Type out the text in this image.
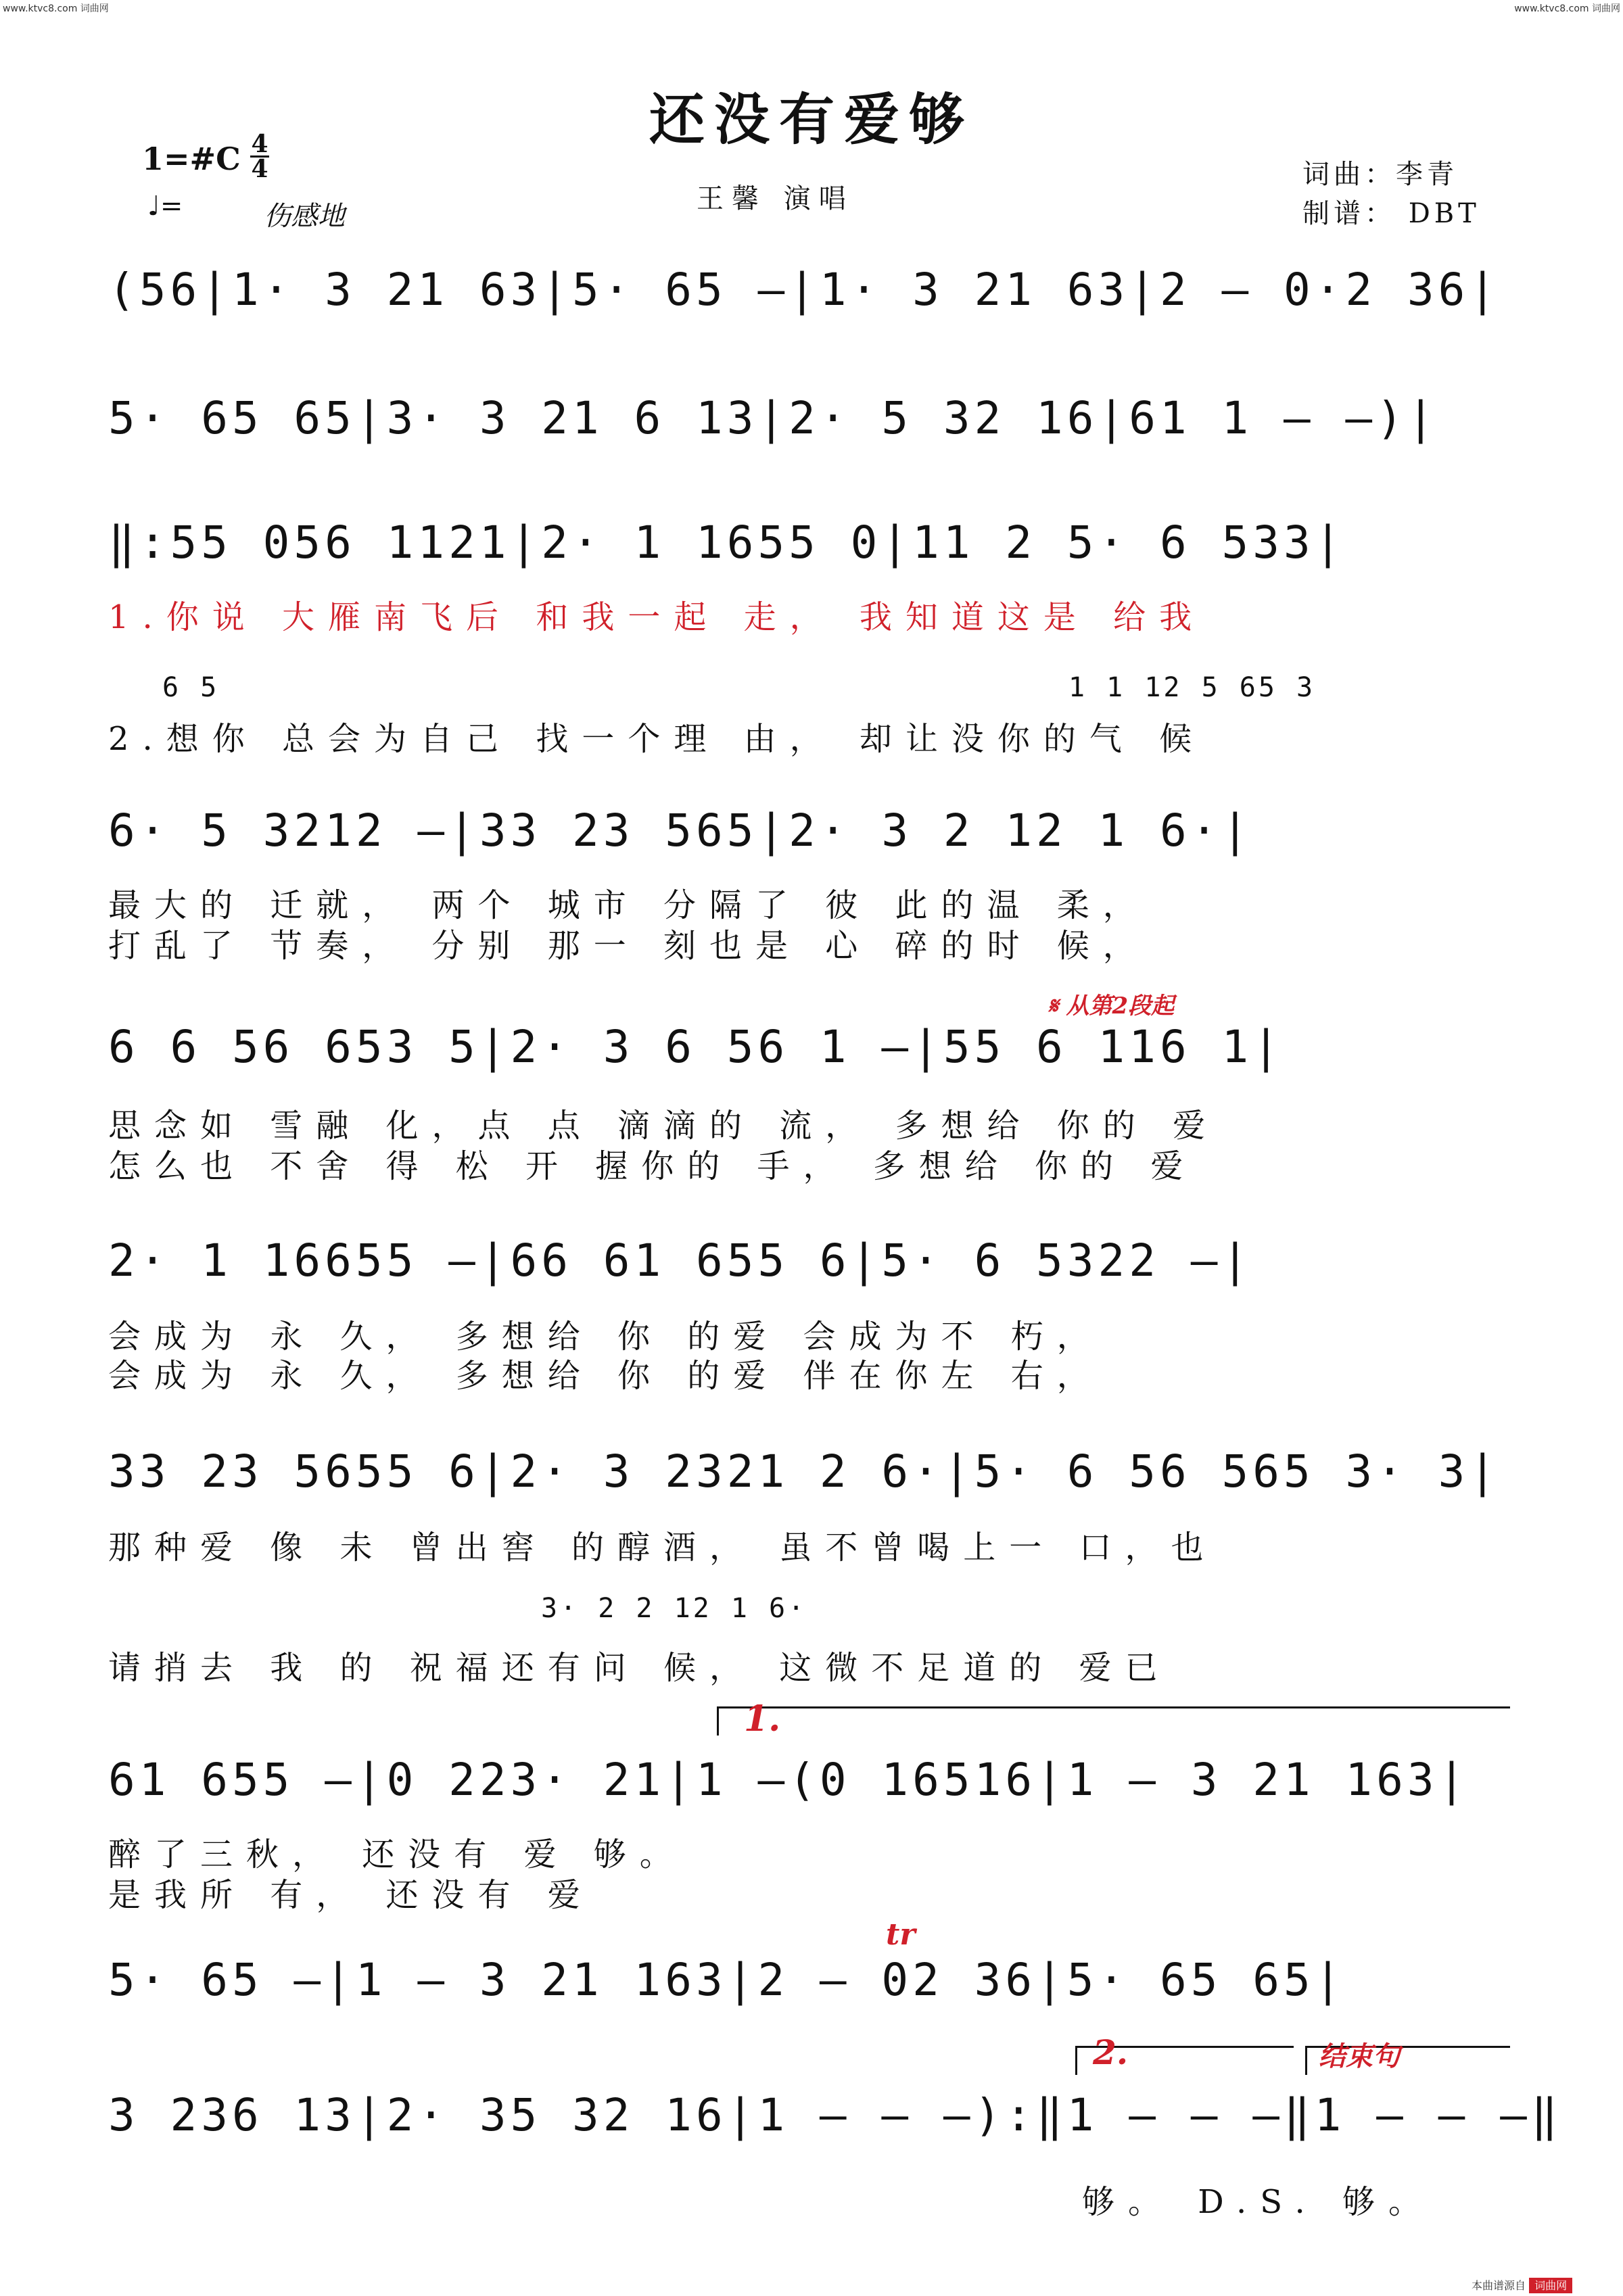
www.ktvc8.com 词曲网	www.ktvc8.com 词曲网
还没有爱够
1=#C 4
4
♩=	伤感地
王馨 演唱
词曲：李青
制谱： DBT
(56|1· 3 21 63|5· 65 —|1· 3 21 63|2 — 0·2 36|
5· 65 65|3· 3 21 6 13|2· 5 32 16|61 1 — —)|
‖:55 056 1121|2· 1 1655 0|11 2 5· 6 533|
1.你说 大雁南飞后 和我一起 走， 我知道这是 给我
6 5	1 1 12 5 65 3
2.想你 总会为自己 找一个理 由， 却让没你的气 候
6· 5 3212 —|33 23 565|2· 3 2 12 1 6·|
最大的 迁就， 两个 城市 分隔了 彼 此的温 柔，
打乱了 节奏， 分别 那一 刻也是 心 碎的时 候，
𝄋 从第2段起
6 6 56 653 5|2· 3 6 56 1 —|55 6 116 1|
思念如 雪融 化，点 点 滴滴的 流， 多想给 你的 爱
怎么也 不舍 得 松 开 握你的 手， 多想给 你的 爱
2· 1 16655 —|66 61 655 6|5· 6 5322 —|
会成为 永 久， 多想给 你 的爱 会成为不 朽，
会成为 永 久， 多想给 你 的爱 伴在你左 右，
33 23 5655 6|2· 3 2321 2 6·|5· 6 56 565 3· 3|
那种爱 像 未 曾出窖 的醇酒， 虽不曾喝上一 口，也
3· 2 2 12 1 6·
请捎去 我 的 祝福还有问 候， 这微不足道的 爱已
1.
61 655 —|0 223· 21|1 —(0 16516|1 — 3 21 163|
醉了三秋， 还没有 爱 够。
是我所 有， 还没有 爱
tr
5· 65 —|1 — 3 21 163|2 — 02 36|5· 65 65|
2.	结束句
3 236 13|2· 35 32 16|1 — — —):‖1 — — —‖1 — — —‖
够。 D.S. 够。
本曲谱源自 词曲网
